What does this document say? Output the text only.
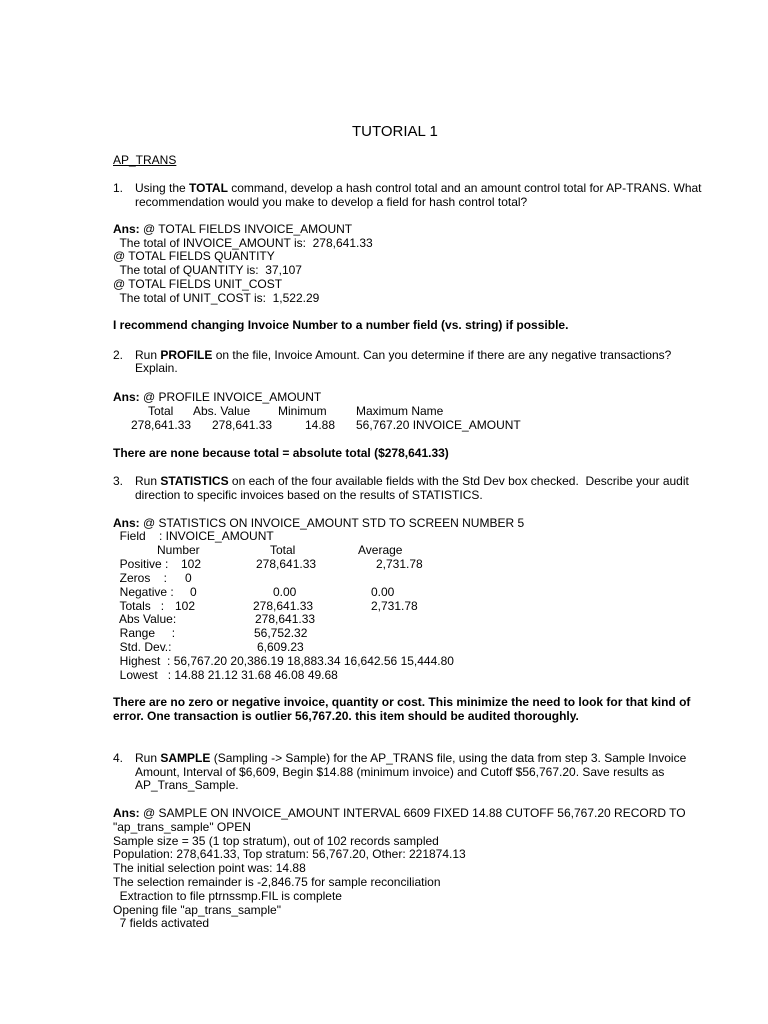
TUTORIAL 1
AP_TRANS
1. Using the TOTAL command, develop a hash control total and an amount control total for AP-TRANS. What
recommendation would you make to develop a field for hash control total?
Ans: @ TOTAL FIELDS INVOICE_AMOUNT
The total of INVOICE_AMOUNT is:  278,641.33
@ TOTAL FIELDS QUANTITY
The total of QUANTITY is:  37,107
@ TOTAL FIELDS UNIT_COST
The total of UNIT_COST is:  1,522.29
I recommend changing Invoice Number to a number field (vs. string) if possible.
2. Run PROFILE on the file, Invoice Amount. Can you determine if there are any negative transactions?
Explain.
Ans: @ PROFILE INVOICE_AMOUNT
Total Abs. Value Minimum Maximum Name
278,641.33 278,641.33	14.88 56,767.20 INVOICE_AMOUNT
There are none because total = absolute total ($278,641.33)
3. Run STATISTICS on each of the four available fields with the Std Dev box checked.  Describe your audit
direction to specific invoices based on the results of STATISTICS.
Ans: @ STATISTICS ON INVOICE_AMOUNT STD TO SCREEN NUMBER 5
Field    : INVOICE_AMOUNT
Number	Total	Average
Positive : 102	278,641.33	2,731.78
Zeros    : 0
Negative : 0	0.00	0.00
Totals   : 102	278,641.33	2,731.78
Abs Value:	278,641.33
Range     :	56,752.32
Std. Dev.:	6,609.23
Highest  : 56,767.20 20,386.19 18,883.34 16,642.56 15,444.80
Lowest   : 14.88 21.12 31.68 46.08 49.68
There are no zero or negative invoice, quantity or cost. This minimize the need to look for that kind of
error. One transaction is outlier 56,767.20. this item should be audited thoroughly.
4. Run SAMPLE (Sampling -> Sample) for the AP_TRANS file, using the data from step 3. Sample Invoice
Amount, Interval of $6,609, Begin $14.88 (minimum invoice) and Cutoff $56,767.20. Save results as
AP_Trans_Sample.
Ans: @ SAMPLE ON INVOICE_AMOUNT INTERVAL 6609 FIXED 14.88 CUTOFF 56,767.20 RECORD TO
"ap_trans_sample" OPEN
Sample size = 35 (1 top stratum), out of 102 records sampled
Population: 278,641.33, Top stratum: 56,767.20, Other: 221874.13
The initial selection point was: 14.88
The selection remainder is -2,846.75 for sample reconciliation
Extraction to file ptrnssmp.FIL is complete
Opening file "ap_trans_sample"
7 fields activated
